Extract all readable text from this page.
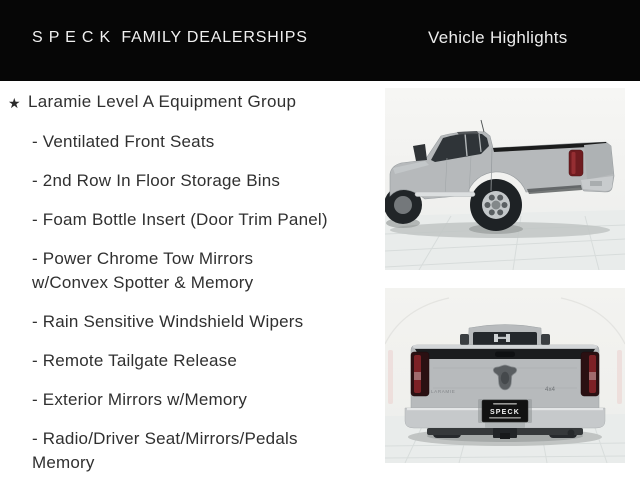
S P E C K  FAMILY DEALERSHIPS	Vehicle Highlights
★ Laramie Level A Equipment Group
- Ventilated Front Seats
- 2nd Row In Floor Storage Bins
- Foam Bottle Insert (Door Trim Panel)
- Power Chrome Tow Mirrors
w/Convex Spotter & Memory
- Rain Sensitive Windshield Wipers
- Remote Tailgate Release
- Exterior Mirrors w/Memory
- Radio/Driver Seat/Mirrors/Pedals
Memory
LARAMIE	4x4
SPECK
